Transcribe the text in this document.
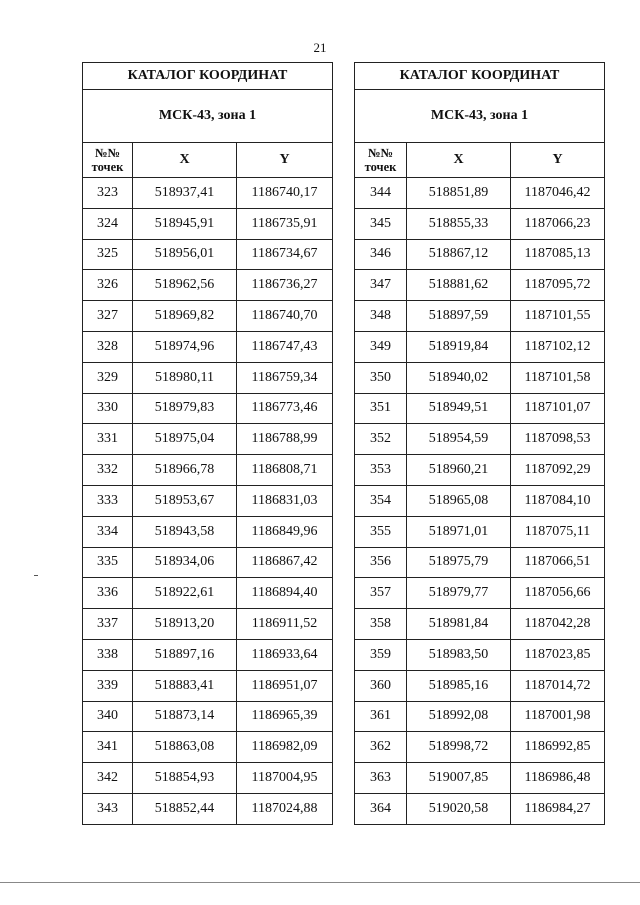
21
КАТАЛОГ КООРДИНАТ		
МСК-43, зона 1		
№№ точек	X	Y
323	518937,41	1186740,17
324	518945,91	1186735,91
325	518956,01	1186734,67
326	518962,56	1186736,27
327	518969,82	1186740,70
328	518974,96	1186747,43
329	518980,11	1186759,34
330	518979,83	1186773,46
331	518975,04	1186788,99
332	518966,78	1186808,71
333	518953,67	1186831,03
334	518943,58	1186849,96
335	518934,06	1186867,42
336	518922,61	1186894,40
337	518913,20	1186911,52
338	518897,16	1186933,64
339	518883,41	1186951,07
340	518873,14	1186965,39
341	518863,08	1186982,09
342	518854,93	1187004,95
343	518852,44	1187024,88
КАТАЛОГ КООРДИНАТ		
МСК-43, зона 1		
№№ точек	X	Y
344	518851,89	1187046,42
345	518855,33	1187066,23
346	518867,12	1187085,13
347	518881,62	1187095,72
348	518897,59	1187101,55
349	518919,84	1187102,12
350	518940,02	1187101,58
351	518949,51	1187101,07
352	518954,59	1187098,53
353	518960,21	1187092,29
354	518965,08	1187084,10
355	518971,01	1187075,11
356	518975,79	1187066,51
357	518979,77	1187056,66
358	518981,84	1187042,28
359	518983,50	1187023,85
360	518985,16	1187014,72
361	518992,08	1187001,98
362	518998,72	1186992,85
363	519007,85	1186986,48
364	519020,58	1186984,27
